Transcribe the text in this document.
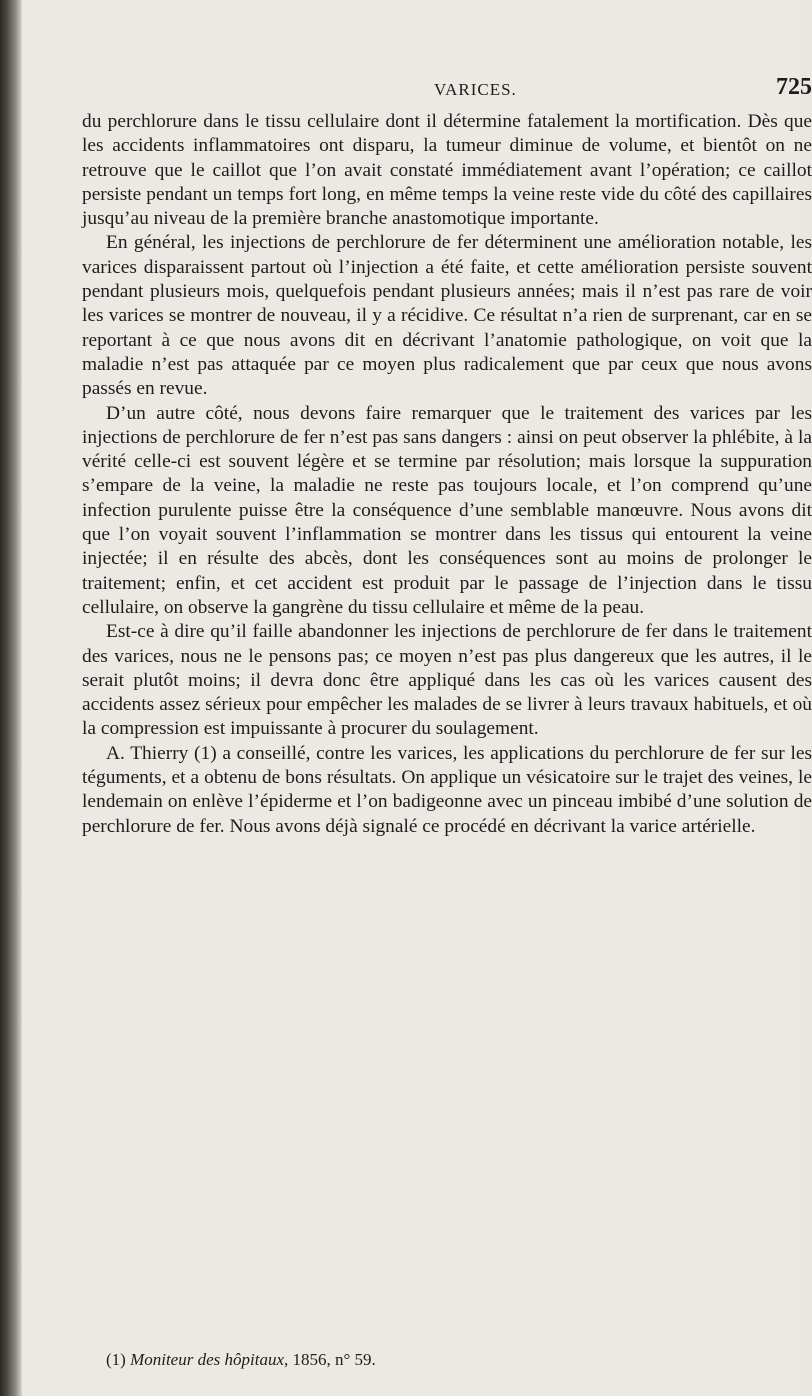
VARICES.	725

du perchlorure dans le tissu cellulaire dont il détermine fatalement la mortification. Dès que les accidents inflammatoires ont disparu, la tumeur diminue de volume, et bientôt on ne retrouve que le caillot que l’on avait constaté immédiatement avant l’opération; ce caillot persiste pendant un temps fort long, en même temps la veine reste vide du côté des capillaires jusqu’au niveau de la première branche anastomotique importante.

En général, les injections de perchlorure de fer déterminent une amélioration notable, les varices disparaissent partout où l’injection a été faite, et cette amélioration persiste souvent pendant plusieurs mois, quelquefois pendant plusieurs années; mais il n’est pas rare de voir les varices se montrer de nouveau, il y a récidive. Ce résultat n’a rien de surprenant, car en se reportant à ce que nous avons dit en décrivant l’anatomie pathologique, on voit que la maladie n’est pas attaquée par ce moyen plus radicalement que par ceux que nous avons passés en revue.

D’un autre côté, nous devons faire remarquer que le traitement des varices par les injections de perchlorure de fer n’est pas sans dangers : ainsi on peut observer la phlébite, à la vérité celle-ci est souvent légère et se termine par résolution; mais lorsque la suppuration s’empare de la veine, la maladie ne reste pas toujours locale, et l’on comprend qu’une infection purulente puisse être la conséquence d’une semblable manœuvre. Nous avons dit que l’on voyait souvent l’inflammation se montrer dans les tissus qui entourent la veine injectée; il en résulte des abcès, dont les conséquences sont au moins de prolonger le traitement; enfin, et cet accident est produit par le passage de l’injection dans le tissu cellulaire, on observe la gangrène du tissu cellulaire et même de la peau.

Est-ce à dire qu’il faille abandonner les injections de perchlorure de fer dans le traitement des varices, nous ne le pensons pas; ce moyen n’est pas plus dangereux que les autres, il le serait plutôt moins; il devra donc être appliqué dans les cas où les varices causent des accidents assez sérieux pour empêcher les malades de se livrer à leurs travaux habituels, et où la compression est impuissante à procurer du soulagement.

A. Thierry (1) a conseillé, contre les varices, les applications du perchlorure de fer sur les téguments, et a obtenu de bons résultats. On applique un vésicatoire sur le trajet des veines, le lendemain on enlève l’épiderme et l’on badigeonne avec un pinceau imbibé d’une solution de perchlorure de fer. Nous avons déjà signalé ce procédé en décrivant la varice artérielle.

(1) Moniteur des hôpitaux, 1856, n° 59.
